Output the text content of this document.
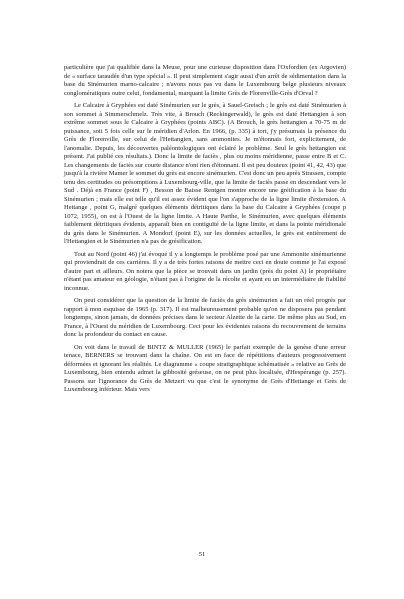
particulière que j'ai qualifiée dans la Meuse, pour une curieuse disposition dans l'Oxfordien (ex Argovien) de « surface taraudée d'un type spécial ». Il peut simplement s'agir aussi d'un arrêt de sédimentation dans la base du Sinémurien marno-calcaire ; n'avons nous pas vu dans le Luxembourg belge plusieurs niveaux conglomératiques outre celui, fondamental, marquant la limite Grès de Florenville-Grès d'Orval ?

Le Calcaire à Gryphées est daté Sinémurien sur le grès, à Sauel-Greisch ; le grès est daté Sinémurien à son sommet à Simmerschmelz. Très vite, à Brouch (Reckingerwald), le grès est daté Hettangien à son extrême sommet sous le Calcaire à Gryphées (points ABC). (A Brouch, le grès hettangien a 70-75 m de puissance, soit 5 fois celle sur le méridien d'Arlon. En 1966, (p. 335) à tort, j'y présumais la présence du Grès de Florenville, sur celui de l'Hettangien, sans ammonites. Je m'étonnais fort, explicitement, de l'anomalie. Depuis, les découvertes paléontologiques ont éclairé le problème. Seul le grès hettangien est présent. J'ai publié ces résultats.). Donc la limite de faciès , plus ou moins méridienne, passe entre B et C. Les changements de faciès sur courte distance n'ont rien d'étonnant. Il est peu douteux (point 41, 42, 43) que jusqu'à la rivière Mamer le sommet du grès est encore sinémurien. C'est donc un peu après Strassen, compte tenu des certitudes ou présomptions à Luxembourg-ville, que la limite de faciès passe en descendant vers le Sud . Déjà en France (point F) , Besson de Baisse Rentgen montre encore une gréification à la base du Sinémurien ; mais elle est telle qu'il est assez évident que l'on s'approche de la ligne limite d'extension. A Hettange , point G, malgré quelques éléments détritiques dans la base du Calcaire à Gryphées (coupe p 1072, 1955), on est à l'Ouest de la ligne limite. A Haute Parthe, le Sinémurien, avec quelques éléments faiblement détritiques évidents, apparaît bien en contiguïté de la ligne limite, et dans la pointe méridionale du grès dans le Sinémurien. A Mondorf (point E), sur les données actuelles, le grès est entièrement de l'Hettangien et le Sinémurien n'a pas de grésification.

Tout au Nord (point 46) j'ai évoqué il y a longtemps le problème posé par une Ammonite sinémurienne qui proviendrait de ces carrières. Il y a de très fortes raisons de mettre ceci en doute comme je l'ai exposé d'autre part et ailleurs. On notera que la pièce se trouvait dans un jardin (près du point A) le propriétaire n'étant pas amateur en géologie, n'étant pas à l'origine de la récolte et ayant eu un intermédiaire de fiabilité inconnue.

On peut considérer que la question de la limite de faciès du grès sinémurien a fait un réel progrès par rapport à mon esquisse de 1965 (p. 317). Il est malheureusement probable qu'on ne disposera pas pendant longtemps, sinon jamais, de données précises dans le secteur Alzette de la carte. De même plus au Sud, en France, à l'Ouest du méridien de Luxembourg. Ceci pour les évidentes raisons du recouvrement de terrains donc la profondeur du contact en cause.

On voit dans le travail de BINTZ & MULLER (1965) le parfait exemple de la genèse d'une erreur tenace, BERNERS se trouvant dans la chaîne. On est en face de répétitions d'auteurs progressivement déformées et ignorant les réalités. Le diagramme « coupe stratigraphique schématisée » relative au Grès de Luxembourg, bien entendu admet la gibbosité gréseuse, on ne peut plus localisée, d'Hespérange (p. 257). Passons sur l'ignorance du Grès de Metzert vu que c'est le synonyme de Grès d'Hettange et Grès de Luxembourg inférieur. Mais vers

51
